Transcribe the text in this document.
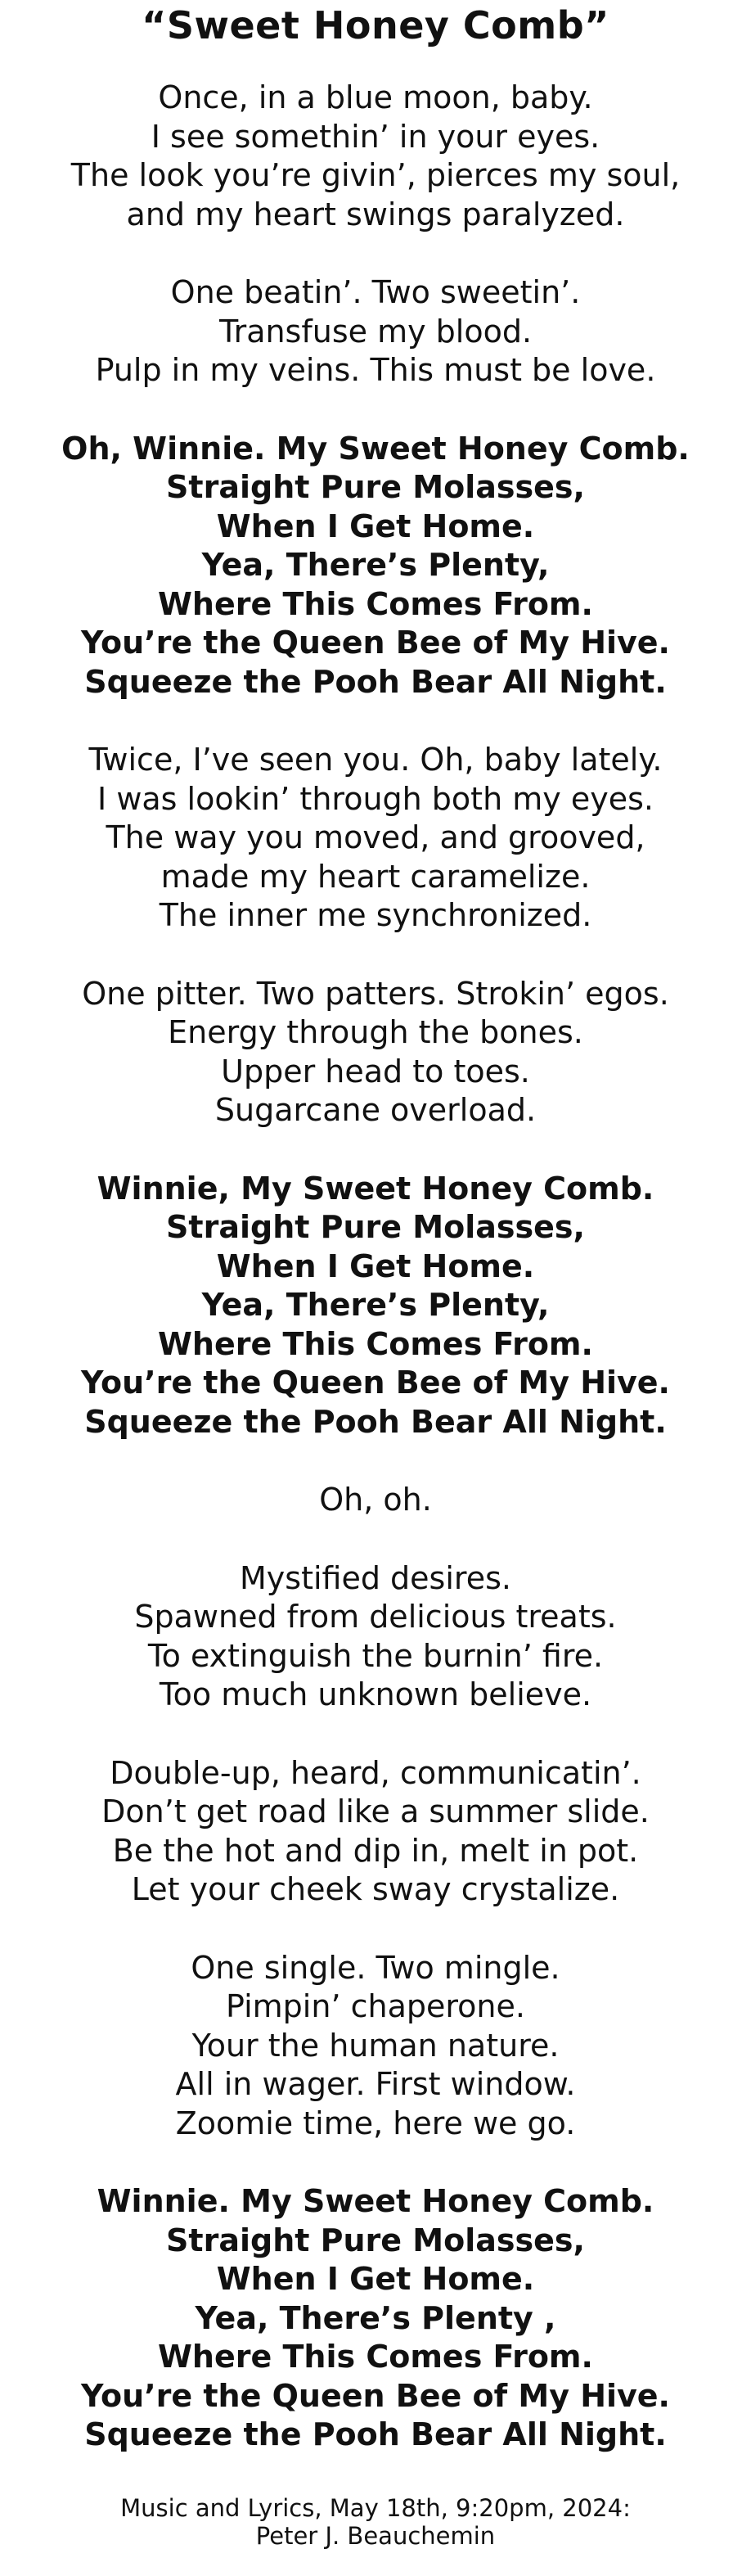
“Sweet Honey Comb”
Once, in a blue moon, baby.
I see somethin’ in your eyes.
The look you’re givin’, pierces my soul,
and my heart swings paralyzed.
One beatin’. Two sweetin’.
Transfuse my blood.
Pulp in my veins. This must be love.
Oh, Winnie. My Sweet Honey Comb.
Straight Pure Molasses,
When I Get Home.
Yea, There’s Plenty,
Where This Comes From.
You’re the Queen Bee of My Hive.
Squeeze the Pooh Bear All Night.
Twice, I’ve seen you. Oh, baby lately.
I was lookin’ through both my eyes.
The way you moved, and grooved,
made my heart caramelize.
The inner me synchronized.
One pitter. Two patters. Strokin’ egos.
Energy through the bones.
Upper head to toes.
Sugarcane overload.
Winnie, My Sweet Honey Comb.
Straight Pure Molasses,
When I Get Home.
Yea, There’s Plenty,
Where This Comes From.
You’re the Queen Bee of My Hive.
Squeeze the Pooh Bear All Night.
Oh, oh.
Mystified desires.
Spawned from delicious treats.
To extinguish the burnin’ fire.
Too much unknown believe.
Double-up, heard, communicatin’.
Don’t get road like a summer slide.
Be the hot and dip in, melt in pot.
Let your cheek sway crystalize.
One single. Two mingle.
Pimpin’ chaperone.
Your the human nature.
All in wager. First window.
Zoomie time, here we go.
Winnie. My Sweet Honey Comb.
Straight Pure Molasses,
When I Get Home.
Yea, There’s Plenty ,
Where This Comes From.
You’re the Queen Bee of My Hive.
Squeeze the Pooh Bear All Night.
Music and Lyrics, May 18th, 9:20pm, 2024:
Peter J. Beauchemin
